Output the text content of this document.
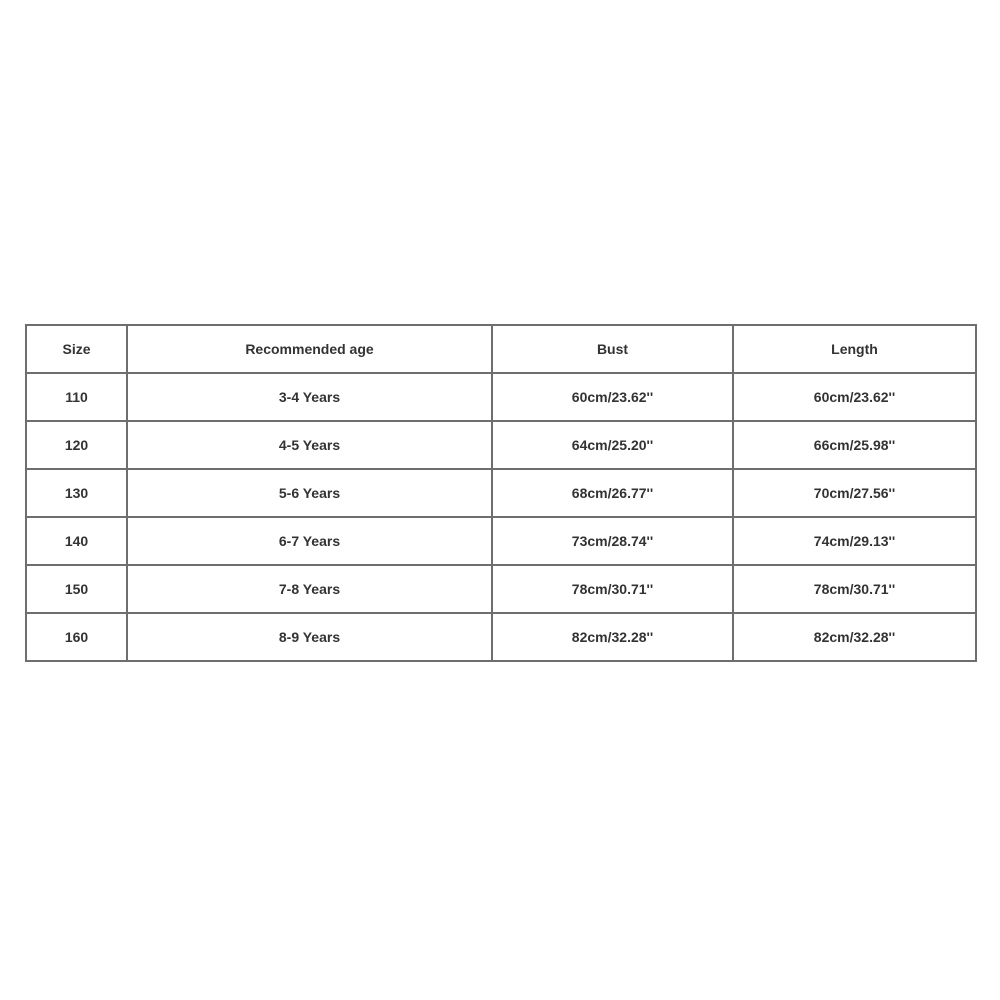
Size	Recommended age	Bust	Length
110	3-4 Years	60cm/23.62''	60cm/23.62''
120	4-5 Years	64cm/25.20''	66cm/25.98''
130	5-6 Years	68cm/26.77''	70cm/27.56''
140	6-7 Years	73cm/28.74''	74cm/29.13''
150	7-8 Years	78cm/30.71''	78cm/30.71''
160	8-9 Years	82cm/32.28''	82cm/32.28''
